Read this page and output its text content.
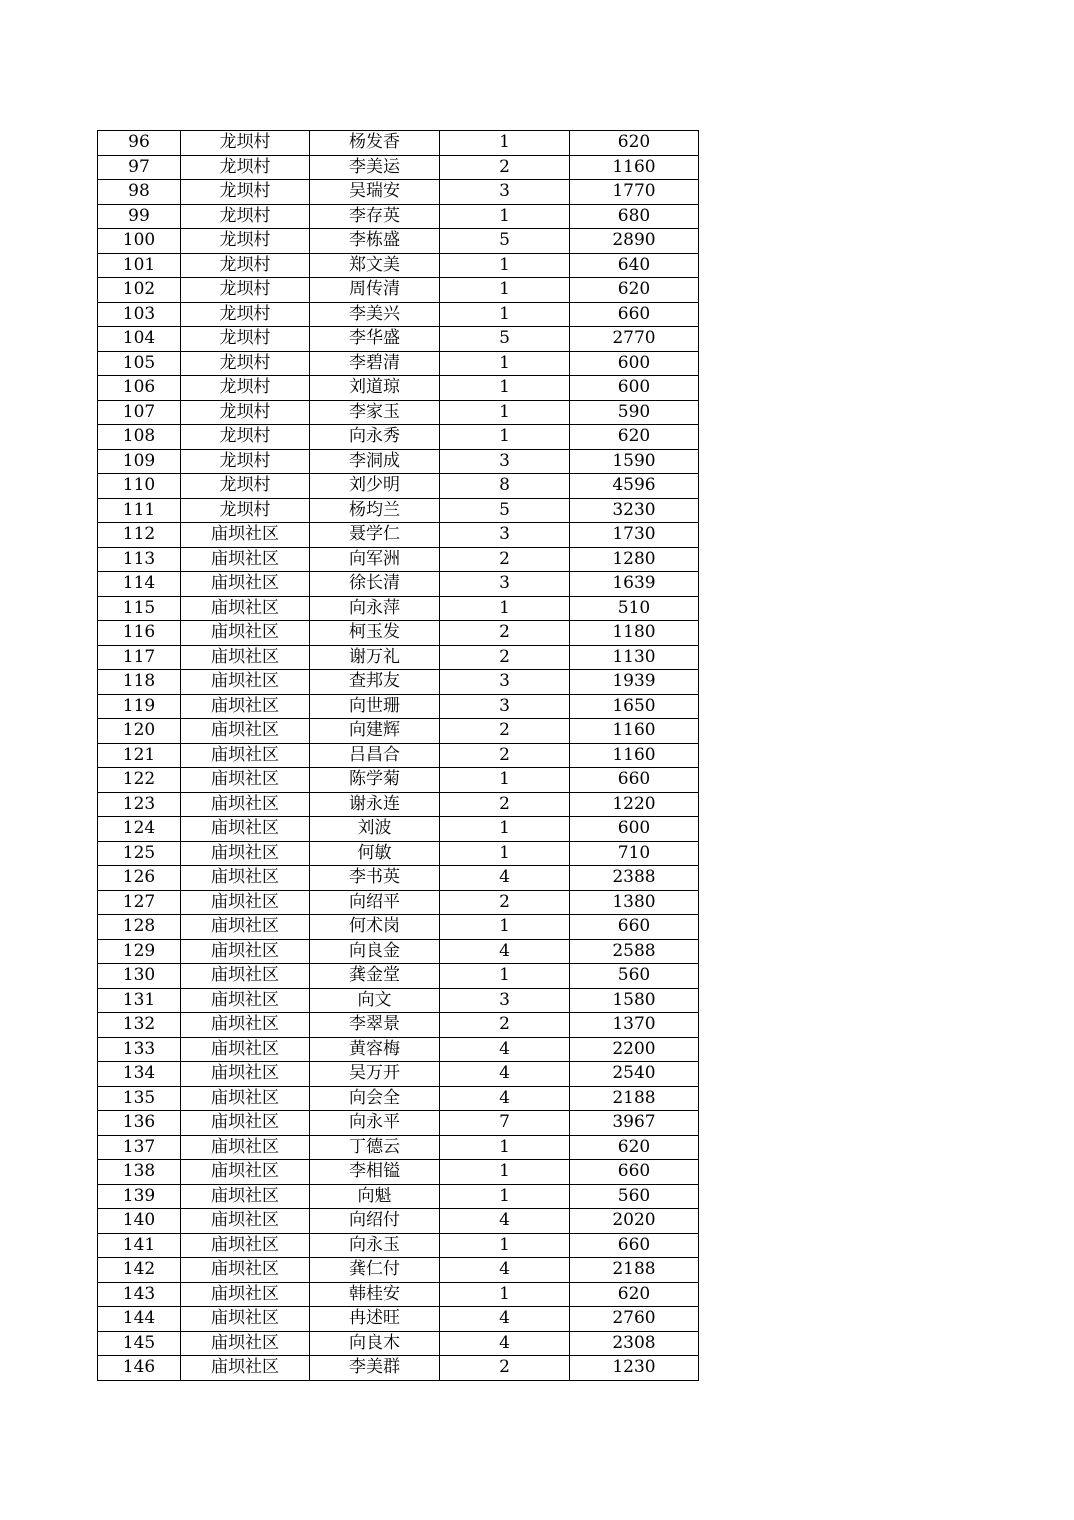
96	龙坝村	杨发香	1	620
97	龙坝村	李美运	2	1160
98	龙坝村	吴瑞安	3	1770
99	龙坝村	李存英	1	680
100	龙坝村	李栋盛	5	2890
101	龙坝村	郑文美	1	640
102	龙坝村	周传清	1	620
103	龙坝村	李美兴	1	660
104	龙坝村	李华盛	5	2770
105	龙坝村	李碧清	1	600
106	龙坝村	刘道琼	1	600
107	龙坝村	李家玉	1	590
108	龙坝村	向永秀	1	620
109	龙坝村	李洞成	3	1590
110	龙坝村	刘少明	8	4596
111	龙坝村	杨均兰	5	3230
112	庙坝社区	聂学仁	3	1730
113	庙坝社区	向军洲	2	1280
114	庙坝社区	徐长清	3	1639
115	庙坝社区	向永萍	1	510
116	庙坝社区	柯玉发	2	1180
117	庙坝社区	谢万礼	2	1130
118	庙坝社区	查邦友	3	1939
119	庙坝社区	向世珊	3	1650
120	庙坝社区	向建辉	2	1160
121	庙坝社区	吕昌合	2	1160
122	庙坝社区	陈学菊	1	660
123	庙坝社区	谢永连	2	1220
124	庙坝社区	刘波	1	600
125	庙坝社区	何敏	1	710
126	庙坝社区	李书英	4	2388
127	庙坝社区	向绍平	2	1380
128	庙坝社区	何术岗	1	660
129	庙坝社区	向良金	4	2588
130	庙坝社区	龚金堂	1	560
131	庙坝社区	向文	3	1580
132	庙坝社区	李翠景	2	1370
133	庙坝社区	黄容梅	4	2200
134	庙坝社区	吴万开	4	2540
135	庙坝社区	向会全	4	2188
136	庙坝社区	向永平	7	3967
137	庙坝社区	丁德云	1	620
138	庙坝社区	李相镒	1	660
139	庙坝社区	向魁	1	560
140	庙坝社区	向绍付	4	2020
141	庙坝社区	向永玉	1	660
142	庙坝社区	龚仁付	4	2188
143	庙坝社区	韩桂安	1	620
144	庙坝社区	冉述旺	4	2760
145	庙坝社区	向良木	4	2308
146	庙坝社区	李美群	2	1230
